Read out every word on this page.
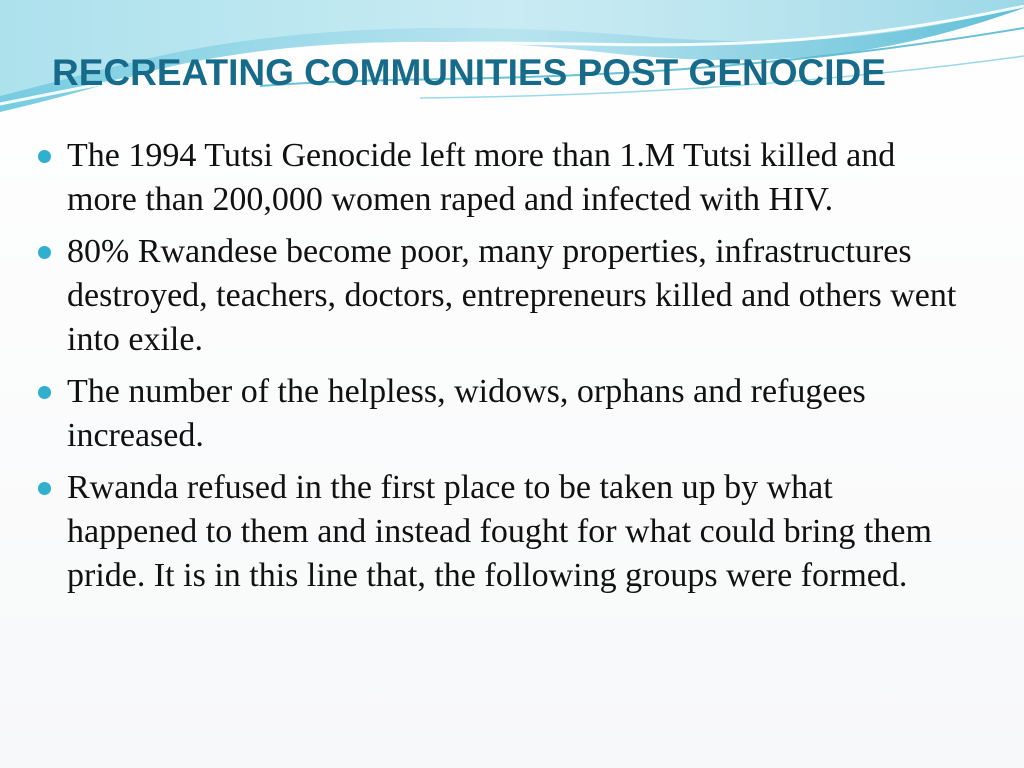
RECREATING COMMUNITIES POST GENOCIDE
The 1994 Tutsi Genocide left more than 1.M Tutsi killed and more than 200,000 women raped and infected with HIV.
80% Rwandese become poor, many properties, infrastructures destroyed, teachers, doctors, entrepreneurs killed and others went into exile.
The number of the helpless, widows, orphans and refugees increased.
Rwanda refused in the first place to be taken up by what happened to them and instead fought for what could bring them pride. It is in this line that, the following groups were formed.
